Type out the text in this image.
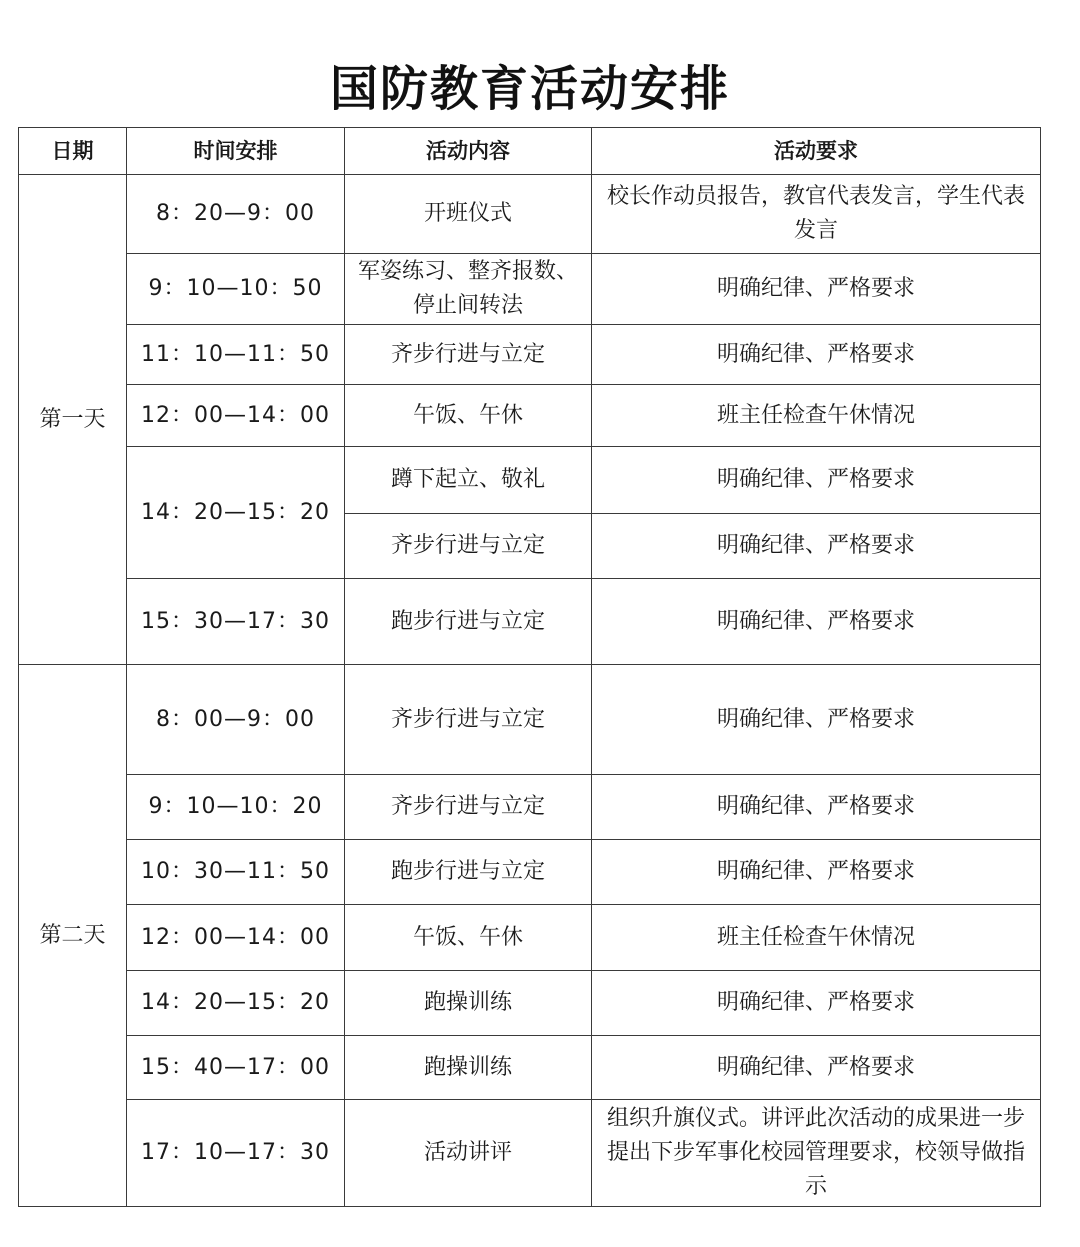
国防教育活动安排
日期	时间安排	活动内容	活动要求
第一天	8：20—9：00	开班仪式	校长作动员报告，教官代表发言，学生代表发言
	9：10—10：50	军姿练习、整齐报数、停止间转法	明确纪律、严格要求
	11：10—11：50	齐步行进与立定	明确纪律、严格要求
	12：00—14：00	午饭、午休	班主任检查午休情况
	14：20—15：20	蹲下起立、敬礼	明确纪律、严格要求
		齐步行进与立定	明确纪律、严格要求
	15：30—17：30	跑步行进与立定	明确纪律、严格要求
第二天	8：00—9：00	齐步行进与立定	明确纪律、严格要求
	9：10—10：20	齐步行进与立定	明确纪律、严格要求
	10：30—11：50	跑步行进与立定	明确纪律、严格要求
	12：00—14：00	午饭、午休	班主任检查午休情况
	14：20—15：20	跑操训练	明确纪律、严格要求
	15：40—17：00	跑操训练	明确纪律、严格要求
	17：10—17：30	活动讲评	组织升旗仪式。讲评此次活动的成果进一步提出下步军事化校园管理要求，校领导做指示
